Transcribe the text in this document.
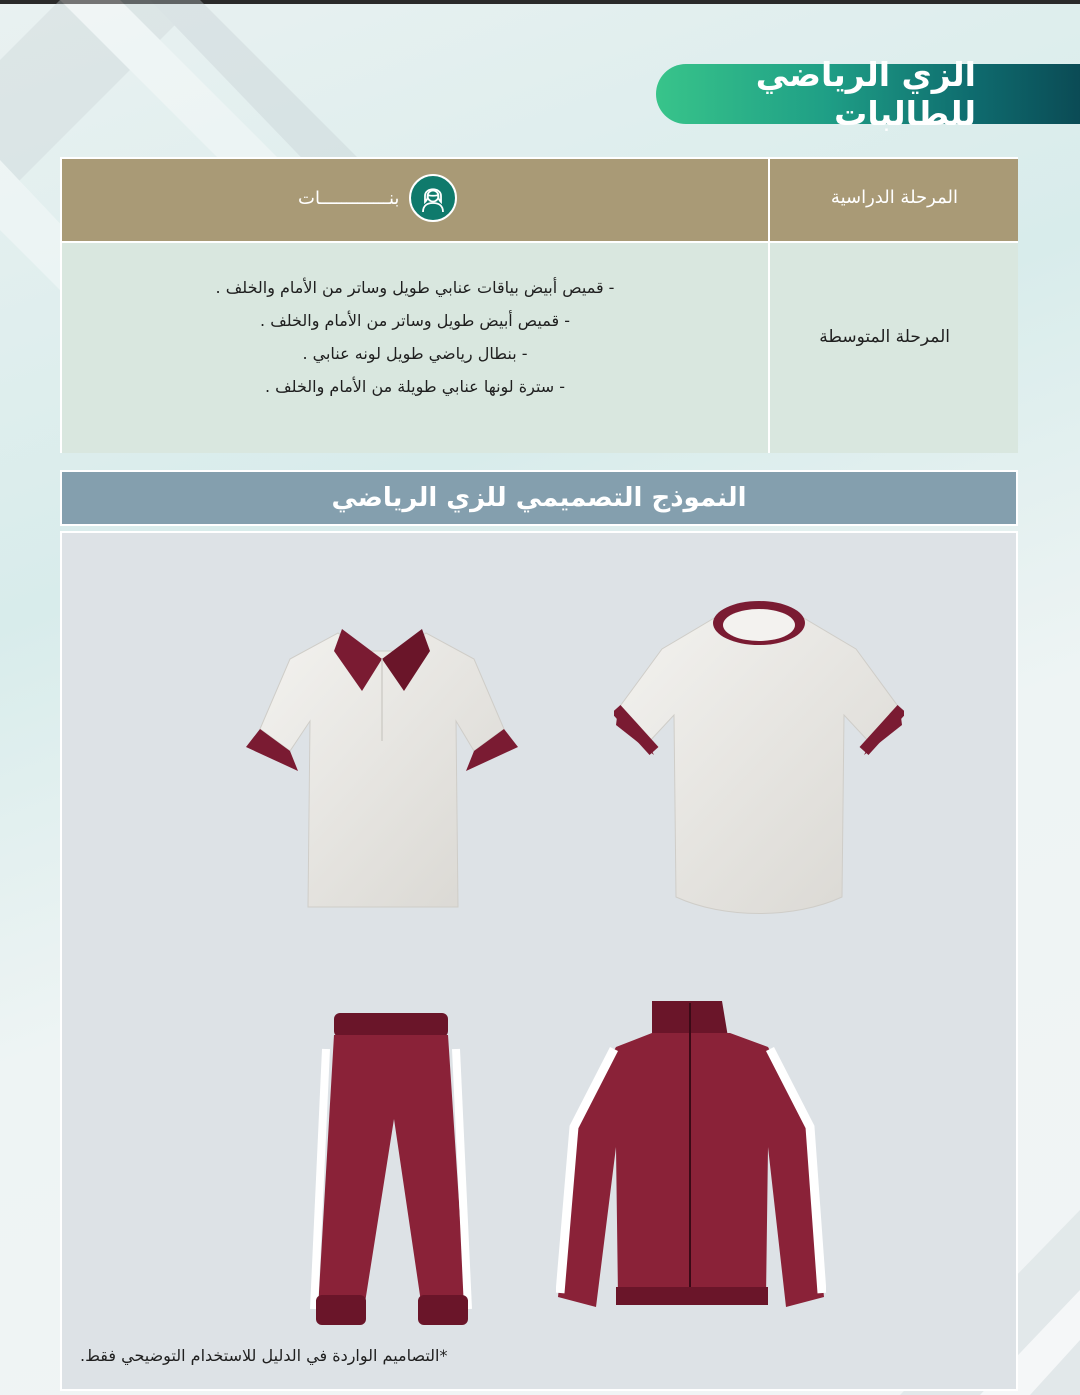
الزي الرياضي للطالبات
بنـــــــــــــات	المرحلة الدراسية
- قميص أبيض بياقات عنابي طويل وساتر من الأمام والخلف .
- قميص أبيض طويل وساتر من الأمام والخلف .
- بنطال رياضي طويل لونه عنابي .
- سترة لونها عنابي طويلة من الأمام والخلف .
المرحلة المتوسطة
النموذج التصميمي للزي الرياضي
*التصاميم الواردة في الدليل للاستخدام التوضيحي فقط.
